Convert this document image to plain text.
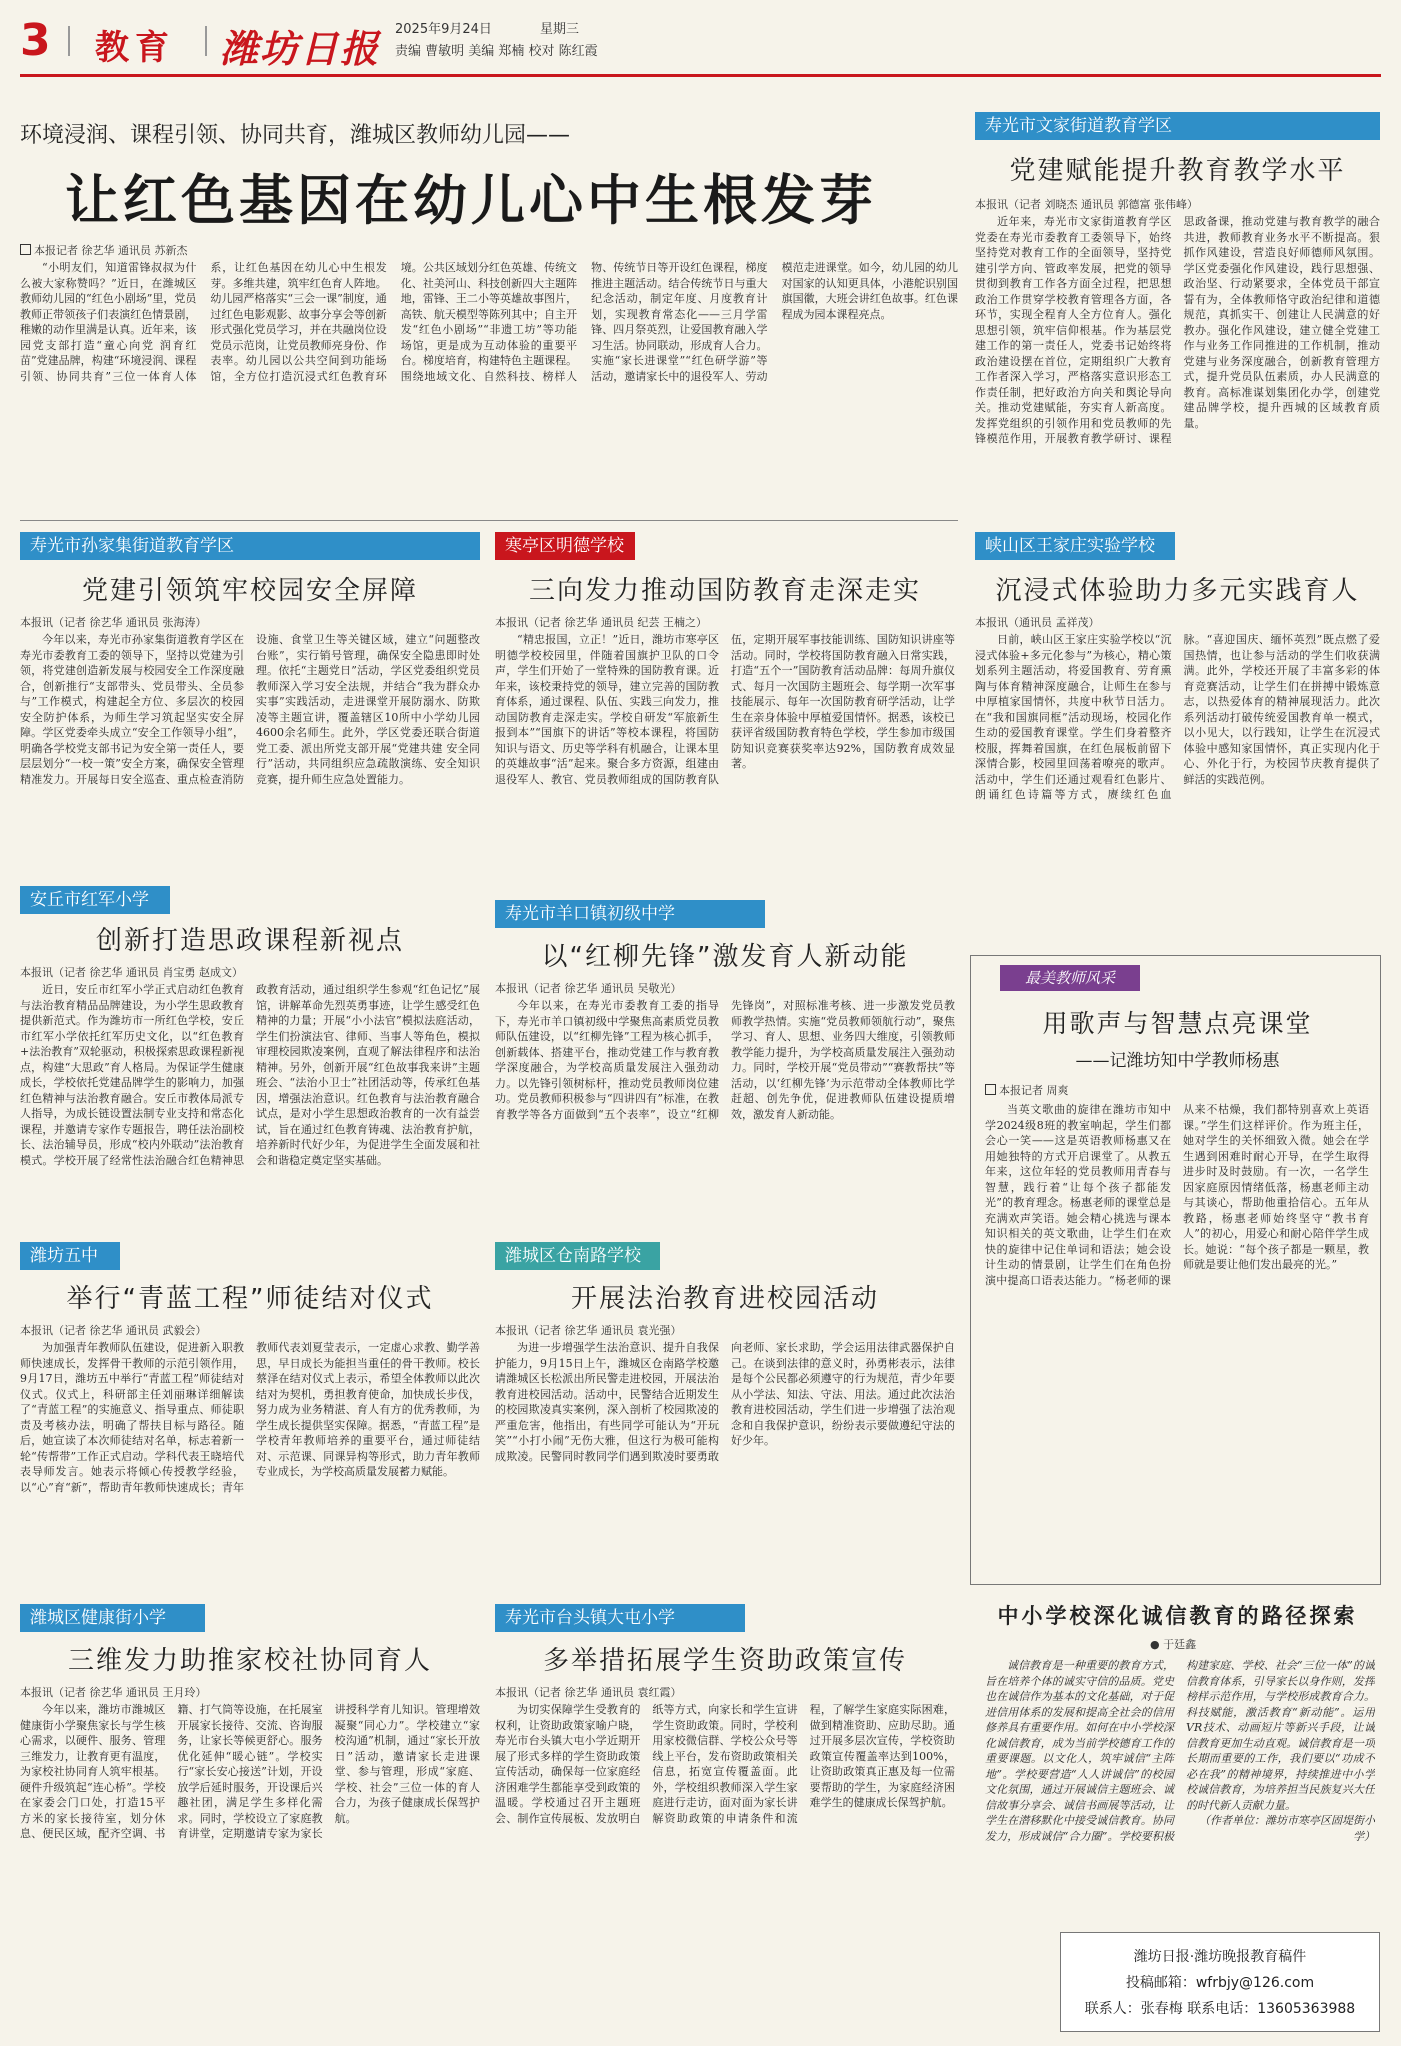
3 教育 潍坊日报 2025年9月24日	星期三
责编 曹敏明 美编 郑楠 校对 陈红霞
环境浸润、课程引领、协同共育，潍城区教师幼儿园——
让红色基因在幼儿心中生根发芽
本报记者 徐艺华 通讯员 苏新杰

“小明友们，知道雷锋叔叔为什么被大家称赞吗？”近日，在潍城区教师幼儿园的“红色小剧场”里，党员教师正带领孩子们表演红色情景剧，稚嫩的动作里满是认真。近年来，该园党支部打造“童心向党 润育红苗”党建品牌，构建“环境浸润、课程引领、协同共育”三位一体育人体系，让红色基因在幼儿心中生根发芽。多维共建，筑牢红色育人阵地。幼儿园严格落实“三会一课”制度，通过红色电影观影、故事分享会等创新形式强化党员学习，并在共融岗位设党员示范岗，让党员教师亮身份、作表率。幼儿园以公共空间到功能场馆，全方位打造沉浸式红色教育环境。公共区域划分红色英雄、传统文化、社美河山、科技创新四大主题阵地，雷锋、王二小等英雄故事图片，高铁、航天模型等陈列其中；自主开发“红色小剧场”“非遗工坊”等功能场馆，更是成为互动体验的重要平台。梯度培育，构建特色主题课程。围绕地域文化、自然科技、榜样人物、传统节日等开设红色课程，梯度推进主题活动。结合传统节日与重大纪念活动，制定年度、月度教育计划，实现教育常态化——三月学雷锋、四月祭英烈，让爱国教育融入学习生活。协同联动，形成育人合力。实施“家长进课堂”“红色研学游”等活动，邀请家长中的退役军人、劳动模范走进课堂。如今，幼儿园的幼儿对国家的认知更具体，小港舵识别国旗国徽，大班会讲红色故事。红色课程成为园本课程亮点。

寿光市文家街道教育学区
党建赋能提升教育教学水平
本报讯（记者 刘晓杰 通讯员 郭德富 张伟峰）

近年来，寿光市文家街道教育学区党委在寿光市委教育工委领导下，始终坚持党对教育工作的全面领导，坚持党建引学方向、管政率发展，把党的领导贯彻到教育工作各方面全过程，把思想政治工作贯穿学校教育管理各方面，各环节，实现全程育人全方位育人。强化思想引领，筑牢信仰根基。作为基层党建工作的第一责任人，党委书记始终将政治建设摆在首位，定期组织广大教育工作者深入学习，严格落实意识形态工作责任制，把好政治方向关和舆论导向关。推动党建赋能，夯实育人新高度。发挥党组织的引领作用和党员教师的先锋模范作用，开展教育教学研讨、课程思政备课，推动党建与教育教学的融合共进，教师教育业务水平不断提高。狠抓作风建设，营造良好师德师风氛围。学区党委强化作风建设，践行思想强、政治坚、行动紧要求，全体党员干部宣誓有为，全体教师恪守政治纪律和道德规范，真抓实干、创建让人民满意的好教办。强化作风建设，建立健全党建工作与业务工作同推进的工作机制，推动党建与业务深度融合，创新教育管理方式，提升党员队伍素质，办人民满意的教育。高标准谋划集团化办学，创建党建品牌学校，提升西城的区域教育质量。

寿光市孙家集街道教育学区
党建引领筑牢校园安全屏障
本报讯（记者 徐艺华 通讯员 张海涛）

今年以来，寿光市孙家集街道教育学区在寿光市委教育工委的领导下，坚持以党建为引领，将党建创造新发展与校园安全工作深度融合，创新推行“支部带头、党员带头、全员参与”工作模式，构建起全方位、多层次的校园安全防护体系，为师生学习筑起坚实安全屏障。学区党委牵头成立“安全工作领导小组”，明确各学校党支部书记为安全第一责任人，要层层划分“一校一策”安全方案，确保安全管理精准发力。开展每日安全巡查、重点检查消防设施、食堂卫生等关键区域，建立“问题整改台账”，实行销号管理，确保安全隐患即时处理。依托“主题党日”活动，学区党委组织党员教师深入学习安全法规，并结合“我为群众办实事”实践活动，走进课堂开展防溺水、防欺凌等主题宣讲，覆盖辖区10所中小学幼儿园4600余名师生。此外，学区党委还联合街道党工委、派出所党支部开展“党建共建 安全同行”活动，共同组织应急疏散演练、安全知识竞赛，提升师生应急处置能力。

寒亭区明德学校
三向发力推动国防教育走深走实
本报讯（记者 徐艺华 通讯员 纪芸 王楠之）

“精忠报国，立正！”近日，潍坊市寒亭区明德学校校园里，伴随着国旗护卫队的口令声，学生们开始了一堂特殊的国防教育课。近年来，该校秉持党的领导，建立完善的国防教育体系，通过课程、队伍、实践三向发力，推动国防教育走深走实。学校自研发“军旅新生报到本”“国旗下的讲话”等校本课程，将国防知识与语文、历史等学科有机融合，让课本里的英雄故事“活”起来。聚合多方资源，组建由退役军人、教官、党员教师组成的国防教育队伍，定期开展军事技能训练、国防知识讲座等活动。同时，学校将国防教育融入日常实践，打造“五个一”国防教育活动品牌：每周升旗仪式、每月一次国防主题班会、每学期一次军事技能展示、每年一次国防教育研学活动，让学生在亲身体验中厚植爱国情怀。据悉，该校已获评省级国防教育特色学校，学生参加市级国防知识竞赛获奖率达92%，国防教育成效显著。

峡山区王家庄实验学校
沉浸式体验助力多元实践育人
本报讯（通讯员 孟祥茂）

日前，峡山区王家庄实验学校以“沉浸式体验+多元化参与”为核心，精心策划系列主题活动，将爱国教育、劳育熏陶与体育精神深度融合，让师生在参与中厚植家国情怀，共度中秋节日活力。在“我和国旗同框”活动现场，校园化作生动的爱国教育课堂。学生们身着整齐校服，挥舞着国旗，在红色展板前留下深情合影，校园里回荡着嘹亮的歌声。活动中，学生们还通过观看红色影片、朗诵红色诗篇等方式，赓续红色血脉。“喜迎国庆、缅怀英烈”既点燃了爱国热情，也让参与活动的学生们收获满满。此外，学校还开展了丰富多彩的体育竞赛活动，让学生们在拼搏中锻炼意志，以热爱体育的精神展现活力。此次系列活动打破传统爱国教育单一模式，以小见大，以行践知，让学生在沉浸式体验中感知家国情怀，真正实现内化于心、外化于行，为校园节庆教育提供了鲜活的实践范例。

安丘市红军小学
创新打造思政课程新视点
本报讯（记者 徐艺华 通讯员 肖宝勇 赵成文）

近日，安丘市红军小学正式启动红色教育与法治教育精品品牌建设，为小学生思政教育提供新范式。作为潍坊市一所红色学校，安丘市红军小学依托红军历史文化，以“红色教育+法治教育”双轮驱动，积极探索思政课程新视点，构建“大思政”育人格局。为保证学生健康成长，学校依托党建品牌学生的影响力，加强红色精神与法治教育融合。安丘市教体局派专人指导，为成长链设置法制专业支持和常态化课程，并邀请专家作专题报告，聘任法治副校长、法治辅导员，形成“校内外联动”法治教育模式。学校开展了经常性法治融合红色精神思政教育活动，通过组织学生参观“红色记忆”展馆，讲解革命先烈英勇事迹，让学生感受红色精神的力量；开展“小小法官”模拟法庭活动，学生们扮演法官、律师、当事人等角色，模拟审理校园欺凌案例，直观了解法律程序和法治精神。另外，创新开展“红色故事我来讲”主题班会、“法治小卫士”社团活动等，传承红色基因，增强法治意识。红色教育与法治教育融合试点，是对小学生思想政治教育的一次有益尝试，旨在通过红色教育铸魂、法治教育护航，培养新时代好少年，为促进学生全面发展和社会和谐稳定奠定坚实基础。

寿光市羊口镇初级中学
以“红柳先锋”激发育人新动能
本报讯（记者 徐艺华 通讯员 吴敬光）

今年以来，在寿光市委教育工委的指导下，寿光市羊口镇初级中学聚焦高素质党员教师队伍建设，以“红柳先锋”工程为核心抓手，创新载体、搭建平台，推动党建工作与教育教学深度融合，为学校高质量发展注入强劲动力。以先锋引领树标杆，推动党员教师岗位建功。党员教师积极参与“四讲四有”标准，在教育教学等各方面做到“五个表率”，设立“红柳先锋岗”，对照标准考核、进一步激发党员教师教学热情。实施“党员教师领航行动”，聚焦学习、育人、思想、业务四大维度，引领教师教学能力提升，为学校高质量发展注入强劲动力。同时，学校开展“党员带动”“赛教帮扶”等活动，以‘红柳先锋’为示范带动全体教师比学赶超、创先争优，促进教师队伍建设提质增效，激发育人新动能。

最美教师风采
用歌声与智慧点亮课堂
——记潍坊知中学教师杨惠
本报记者 周爽

当英文歌曲的旋律在潍坊市知中学2024级8班的教室响起，学生们都会心一笑——这是英语教师杨惠又在用她独特的方式开启课堂了。从教五年来，这位年轻的党员教师用青春与智慧，践行着“让每个孩子都能发光”的教育理念。杨惠老师的课堂总是充满欢声笑语。她会精心挑选与课本知识相关的英文歌曲，让学生们在欢快的旋律中记住单词和语法；她会设计生动的情景剧，让学生们在角色扮演中提高口语表达能力。“杨老师的课从来不枯燥，我们都特别喜欢上英语课。”学生们这样评价。作为班主任，她对学生的关怀细致入微。她会在学生遇到困难时耐心开导，在学生取得进步时及时鼓励。有一次，一名学生因家庭原因情绪低落，杨惠老师主动与其谈心，帮助他重拾信心。五年从教路，杨惠老师始终坚守“教书育人”的初心，用爱心和耐心陪伴学生成长。她说：“每个孩子都是一颗星，教师就是要让他们发出最亮的光。”

潍坊五中
举行“青蓝工程”师徒结对仪式
本报讯（记者 徐艺华 通讯员 武毅会）

为加强青年教师队伍建设，促进新入职教师快速成长，发挥骨干教师的示范引领作用，9月17日，潍坊五中举行“青蓝工程”师徒结对仪式。仪式上，科研部主任刘丽琳详细解读了“青蓝工程”的实施意义、指导重点、师徒职责及考核办法，明确了帮扶目标与路径。随后，她宣读了本次师徒结对名单，标志着新一轮“传帮带”工作正式启动。学科代表王晓培代表导师发言。她表示将倾心传授教学经验，以“心”育“新”，帮助青年教师快速成长；青年教师代表刘夏莹表示，一定虚心求教、勤学善思，早日成长为能担当重任的骨干教师。校长蔡泽在结对仪式上表示，希望全体教师以此次结对为契机，勇担教育使命，加快成长步伐，努力成为业务精湛、育人有方的优秀教师，为学生成长提供坚实保障。据悉，“青蓝工程”是学校青年教师培养的重要平台，通过师徒结对、示范课、同课异构等形式，助力青年教师专业成长，为学校高质量发展蓄力赋能。

潍城区仓南路学校
开展法治教育进校园活动
本报讯（记者 徐艺华 通讯员 袁光强）

为进一步增强学生法治意识、提升自我保护能力，9月15日上午，潍城区仓南路学校邀请潍城区长松派出所民警走进校园，开展法治教育进校园活动。活动中，民警结合近期发生的校园欺凌真实案例，深入剖析了校园欺凌的严重危害，他指出，有些同学可能认为“开玩笑”“小打小闹”无伤大雅，但这行为极可能构成欺凌。民警同时教同学们遇到欺凌时要勇敢向老师、家长求助，学会运用法律武器保护自己。在谈到法律的意义时，孙勇彬表示，法律是每个公民都必须遵守的行为规范，青少年要从小学法、知法、守法、用法。通过此次法治教育进校园活动，学生们进一步增强了法治观念和自我保护意识，纷纷表示要做遵纪守法的好少年。

中小学校深化诚信教育的路径探索
● 于廷鑫

诚信教育是一种重要的教育方式，旨在培养个体的诚实守信的品质。党史也在诚信作为基本的文化基础，对于促进信用体系的发展和提高全社会的信用修养具有重要作用。如何在中小学校深化诚信教育，成为当前学校德育工作的重要课题。以文化人，筑牢诚信“主阵地”。学校要营造“人人讲诚信”的校园文化氛围，通过开展诚信主题班会、诚信故事分享会、诚信书画展等活动，让学生在潜移默化中接受诚信教育。协同发力，形成诚信“合力圈”。学校要积极构建家庭、学校、社会“三位一体”的诚信教育体系，引导家长以身作则，发挥榜样示范作用，与学校形成教育合力。科技赋能，激活教育“新动能”。运用VR技术、动画短片等新兴手段，让诚信教育更加生动直观。诚信教育是一项长期而重要的工作，我们要以“功成不必在我”的精神境界，持续推进中小学校诚信教育，为培养担当民族复兴大任的时代新人贡献力量。

（作者单位：潍坊市寒亭区固堤街小学）

潍城区健康街小学
三维发力助推家校社协同育人
本报讯（记者 徐艺华 通讯员 王月玲）

今年以来，潍坊市潍城区健康街小学聚焦家长与学生核心需求，以硬件、服务、管理三维发力，让教育更有温度，为家校社协同育人筑牢根基。硬件升级筑起“连心桥”。学校在家委会门口处，打造15平方米的家长接待室，划分休息、便民区域，配齐空调、书籍、打气筒等设施，在托展室开展家长接待、交流、咨询服务，让家长等候更舒心。服务优化延伸“暖心链”。学校实行“家长安心接送”计划，开设放学后延时服务，开设课后兴趣社团，满足学生多样化需求。同时，学校设立了家庭教育讲堂，定期邀请专家为家长讲授科学育儿知识。管理增效凝聚“同心力”。学校建立“家校沟通”机制，通过“家长开放日”活动，邀请家长走进课堂、参与管理，形成“家庭、学校、社会”三位一体的育人合力，为孩子健康成长保驾护航。

寿光市台头镇大屯小学
多举措拓展学生资助政策宣传
本报讯（记者 徐艺华 通讯员 袁红霞）

为切实保障学生受教育的权利，让资助政策家喻户晓，寿光市台头镇大屯小学近期开展了形式多样的学生资助政策宣传活动，确保每一位家庭经济困难学生都能享受到政策的温暖。学校通过召开主题班会、制作宣传展板、发放明白纸等方式，向家长和学生宣讲学生资助政策。同时，学校利用家校微信群、学校公众号等线上平台，发布资助政策相关信息，拓宽宣传覆盖面。此外，学校组织教师深入学生家庭进行走访，面对面为家长讲解资助政策的申请条件和流程，了解学生家庭实际困难，做到精准资助、应助尽助。通过开展多层次宣传，学校资助政策宣传覆盖率达到100%，让资助政策真正惠及每一位需要帮助的学生，为家庭经济困难学生的健康成长保驾护航。

潍坊日报·潍坊晚报教育稿件
投稿邮箱：wfrbjy@126.com
联系人：张春梅 联系电话：13605363988
